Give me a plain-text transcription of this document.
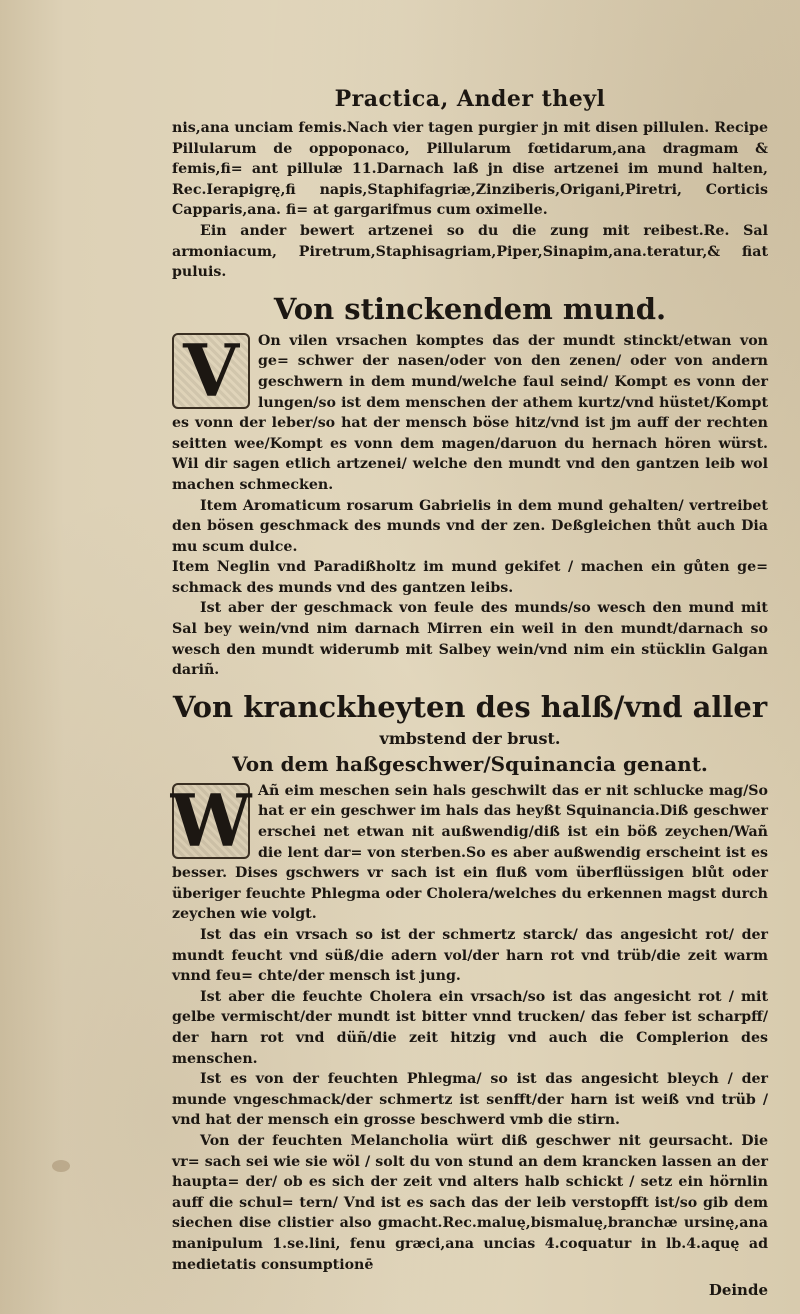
Practica, Ander theyl

nis,ana unciam femis.Nach vier tagen purgier jn mit disen pillulen. Recipe Pillularum de oppoponaco, Pillularum fœtidarum,ana dragmam & femis,fi= ant pillulæ 11.Darnach laß jn dise artzenei im mund halten, Rec.Ierapigrę,fi napis,Staphifagriæ,Zinziberis,Origani,Piretri, Corticis Capparis,ana. fi= at gargarifmus cum oximelle.

Ein ander bewert artzenei so du die zung mit reibest.Re. Sal armoniacum, Piretrum,Staphisagriam,Piper,Sinapim,ana.teratur,& fiat puluis.

Von stinckendem mund.

V	On vilen vrsachen komptes das der mundt stinckt/etwan von ge= schwer der nasen/oder von den zenen/ oder von andern geschwern in dem mund/welche faul seind/ Kompt es vonn der lungen/so ist dem menschen der athem kurtz/vnd hüstet/Kompt es vonn der leber/so hat der mensch böse hitz/vnd ist jm auff der rechten seitten wee/Kompt es vonn dem magen/daruon du hernach hören würst. Wil dir sagen etlich artzenei/ welche den mundt vnd den gantzen leib wol machen schmecken.

Item Aromaticum rosarum Gabrielis in dem mund gehalten/ vertreibet den bösen geschmack des munds vnd der zen. Deßgleichen thůt auch Dia mu scum dulce.

Item Neglin vnd Paradißholtz im mund gekifet / machen ein gůten ge= schmack des munds vnd des gantzen leibs.

Ist aber der geschmack von feule des munds/so wesch den mund mit Sal bey wein/vnd nim darnach Mirren ein weil in den mundt/darnach so wesch den mundt widerumb mit Salbey wein/vnd nim ein stücklin Galgan dariñ.

Von kranckheyten des halß/vnd aller
vmbstend der brust.
Von dem haßgeschwer/Squinancia genant.

W Añ eim meschen sein hals geschwilt das er nit schlucke mag/So hat er ein geschwer im hals das heyßt Squinancia.Diß geschwer erschei net etwan nit außwendig/diß ist ein böß zeychen/Wañ die lent dar= von sterben.So es aber außwendig erscheint ist es besser. Dises gschwers vr sach ist ein fluß vom überflüssigen blůt oder überiger feuchte Phlegma oder Cholera/welches du erkennen magst durch zeychen wie volgt.

Ist das ein vrsach so ist der schmertz starck/ das angesicht rot/ der mundt feucht vnd süß/die adern vol/der harn rot vnd trüb/die zeit warm vnnd feu= chte/der mensch ist jung.

Ist aber die feuchte Cholera ein vrsach/so ist das angesicht rot / mit gelbe vermischt/der mundt ist bitter vnnd trucken/ das feber ist scharpff/ der harn rot vnd düñ/die zeit hitzig vnd auch die Complerion des menschen.

Ist es von der feuchten Phlegma/ so ist das angesicht bleych / der munde vngeschmack/der schmertz ist senfft/der harn ist weiß vnd trüb / vnd hat der mensch ein grosse beschwerd vmb die stirn.

Von der feuchten Melancholia würt diß geschwer nit geursacht. Die vr= sach sei wie sie wöl / solt du von stund an dem krancken lassen an der haupta= der/ ob es sich der zeit vnd alters halb schickt / setz ein hörnlin auff die schul= tern/ Vnd ist es sach das der leib verstopfft ist/so gib dem siechen dise clistier also gmacht.Rec.maluę,bismaluę,branchæ ursinę,ana manipulum 1.se.lini, fenu græci,ana uncias 4.coquatur in lb.4.aquę ad medietatis consumptionē

Deinde
